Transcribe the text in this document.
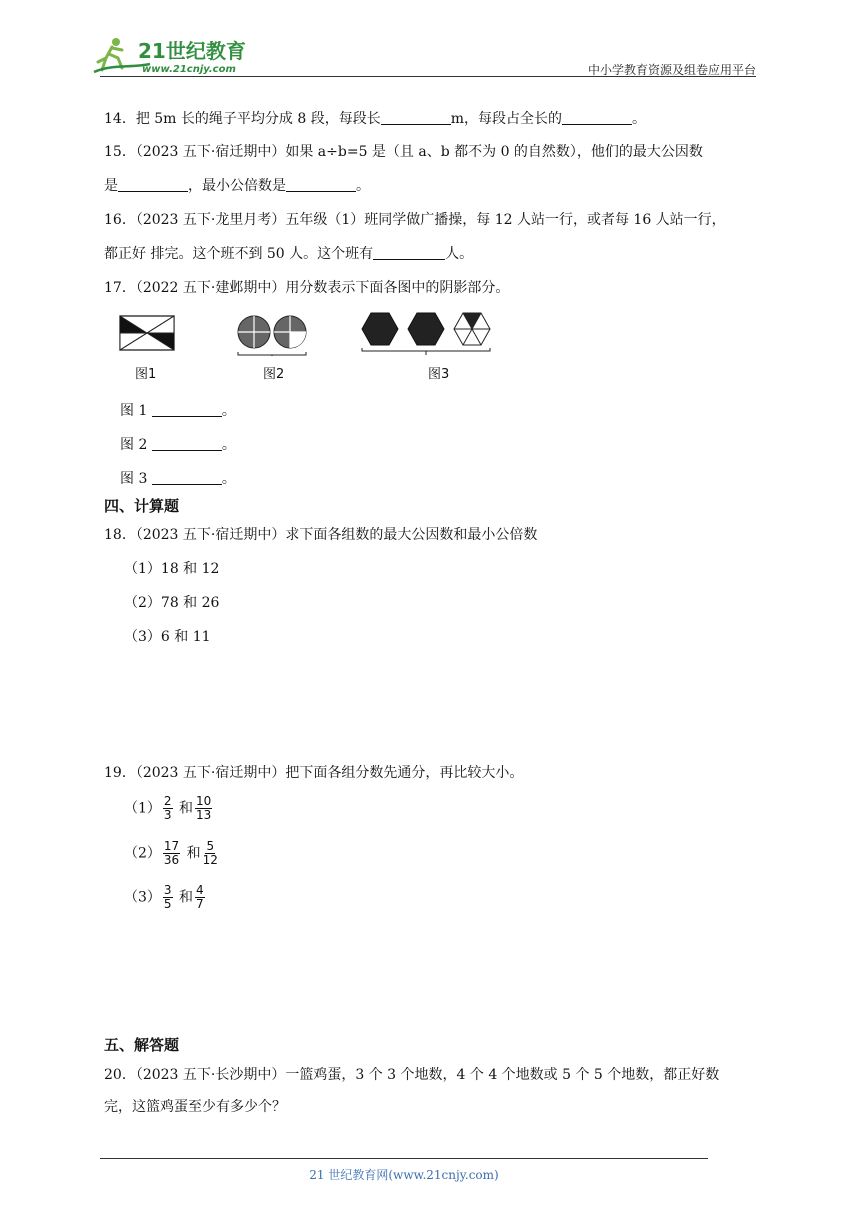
21世纪教育
www.21cnjy.com	中小学教育资源及组卷应用平台
14．把 5m 长的绳子平均分成 8 段，每段长	m，每段占全长的	。
15．（2023 五下·宿迁期中）如果 a÷b=5 是（且 a、b 都不为 0 的自然数），他们的最大公因数
是	，最小公倍数是	。
16．（2023 五下·龙里月考）五年级（1）班同学做广播操，每 12 人站一行，或者每 16 人站一行，
都正好 排完。这个班不到 50 人。这个班有	人。
17．（2022 五下·建邺期中）用分数表示下面各图中的阴影部分。
图1	图2	图3
图 1	。
图 2	。
图 3	。
四、计算题
18．（2023 五下·宿迁期中）求下面各组数的最大公因数和最小公倍数
（1）18 和 12
（2）78 和 26
（3）6 和 11
19．（2023 五下·宿迁期中）把下面各组分数先通分，再比较大小。
$(1) \frac{2}{3}$ 和 $\frac{10}{13}$
$(2) \frac{17}{36}$ 和 $\frac{5}{12}$
$(3) \frac{3}{5}$ 和 $\frac{4}{7}$
五、解答题
20．（2023 五下·长沙期中）一篮鸡蛋，3 个 3 个地数，4 个 4 个地数或 5 个 5 个地数，都正好数
完，这篮鸡蛋至少有多少个？
21 世纪教育网(www.21cnjy.com)
